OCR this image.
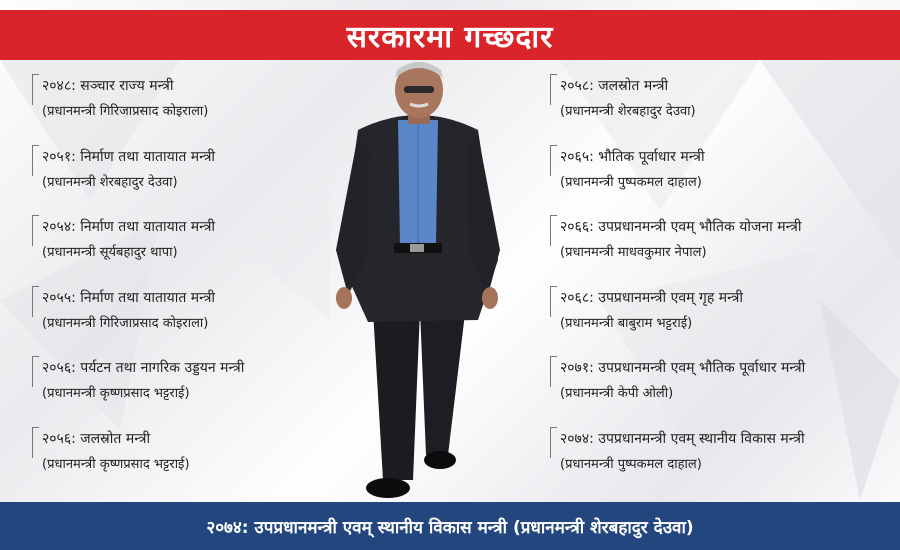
सरकारमा गच्छदार
२०४८: सञ्चार राज्य मन्त्री
(प्रधानमन्त्री गिरिजाप्रसाद कोइराला)
२०५१: निर्माण तथा यातायात मन्त्री
(प्रधानमन्त्री शेरबहादुर देउवा)
२०५४: निर्माण तथा यातायात मन्त्री
(प्रधानमन्त्री सूर्यबहादुर थापा)
२०५५: निर्माण तथा यातायात मन्त्री
(प्रधानमन्त्री गिरिजाप्रसाद कोइराला)
२०५६: पर्यटन तथा नागरिक उड्डयन मन्त्री
(प्रधानमन्त्री कृष्णप्रसाद भट्टराई)
२०५६: जलस्रोत मन्त्री
(प्रधानमन्त्री कृष्णप्रसाद भट्टराई)
२०५८: जलस्रोत मन्त्री
(प्रधानमन्त्री शेरबहादुर देउवा)
२०६५: भौतिक पूर्वाधार मन्त्री
(प्रधानमन्त्री पुष्पकमल दाहाल)
२०६६: उपप्रधानमन्त्री एवम् भौतिक योजना मन्त्री
(प्रधानमन्त्री माधवकुमार नेपाल)
२०६८: उपप्रधानमन्त्री एवम् गृह मन्त्री
(प्रधानमन्त्री बाबुराम भट्टराई)
२०७१: उपप्रधानमन्त्री एवम् भौतिक पूर्वाधार मन्त्री
(प्रधानमन्त्री केपी ओली)
२०७४: उपप्रधानमन्त्री एवम् स्थानीय विकास मन्त्री
(प्रधानमन्त्री पुष्पकमल दाहाल)
२०७४: उपप्रधानमन्त्री एवम् स्थानीय विकास मन्त्री (प्रधानमन्त्री शेरबहादुर देउवा)
